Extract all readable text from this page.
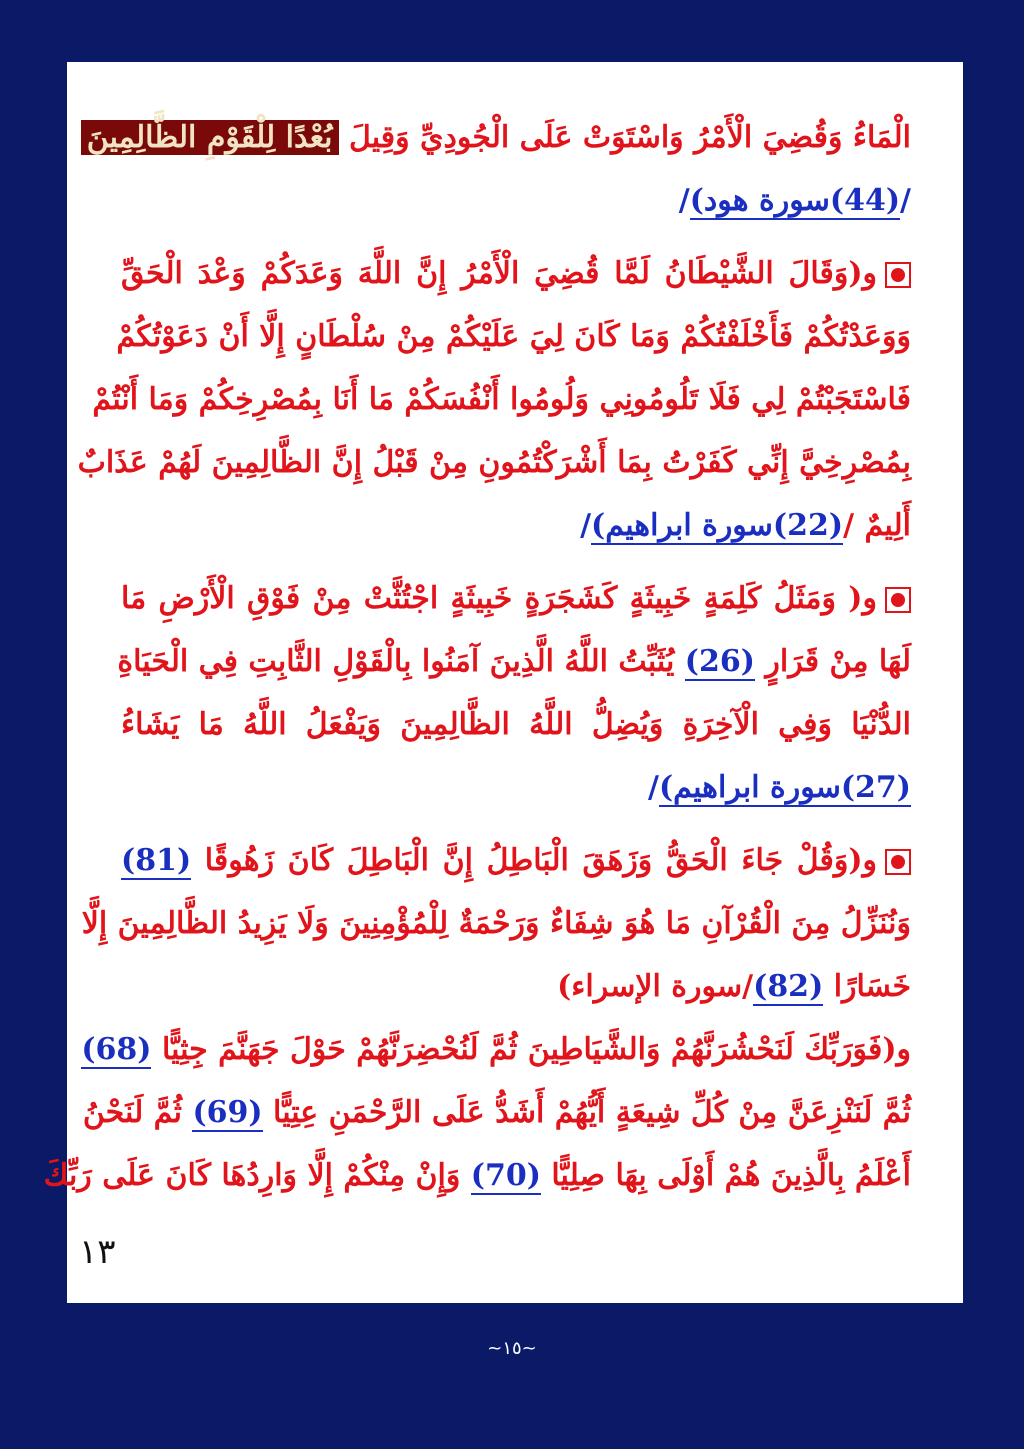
الْمَاءُ وَقُضِيَ الْأَمْرُ وَاسْتَوَتْ عَلَى الْجُودِيِّ وَقِيلَ بُعْدًا لِلْقَوْمِ الظَّالِمِينَ
/(44)سورة هود)/
و(وَقَالَ الشَّيْطَانُ لَمَّا قُضِيَ الْأَمْرُ إِنَّ اللَّهَ وَعَدَكُمْ وَعْدَ الْحَقِّ
وَوَعَدْتُكُمْ فَأَخْلَفْتُكُمْ وَمَا كَانَ لِيَ عَلَيْكُمْ مِنْ سُلْطَانٍ إِلَّا أَنْ دَعَوْتُكُمْ
فَاسْتَجَبْتُمْ لِي فَلَا تَلُومُونِي وَلُومُوا أَنْفُسَكُمْ مَا أَنَا بِمُصْرِخِكُمْ وَمَا أَنْتُمْ
بِمُصْرِخِيَّ إِنِّي كَفَرْتُ بِمَا أَشْرَكْتُمُونِ مِنْ قَبْلُ إِنَّ الظَّالِمِينَ لَهُمْ عَذَابٌ
أَلِيمٌ /(22)سورة ابراهيم)/
و( وَمَثَلُ كَلِمَةٍ خَبِيثَةٍ كَشَجَرَةٍ خَبِيثَةٍ اجْتُثَّتْ مِنْ فَوْقِ الْأَرْضِ مَا
لَهَا مِنْ قَرَارٍ (26) يُثَبِّتُ اللَّهُ الَّذِينَ آمَنُوا بِالْقَوْلِ الثَّابِتِ فِي الْحَيَاةِ
الدُّنْيَا وَفِي الْآخِرَةِ وَيُضِلُّ اللَّهُ الظَّالِمِينَ وَيَفْعَلُ اللَّهُ مَا يَشَاءُ
(27)سورة ابراهيم)/
و(وَقُلْ جَاءَ الْحَقُّ وَزَهَقَ الْبَاطِلُ إِنَّ الْبَاطِلَ كَانَ زَهُوقًا (81)
وَنُنَزِّلُ مِنَ الْقُرْآنِ مَا هُوَ شِفَاءٌ وَرَحْمَةٌ لِلْمُؤْمِنِينَ وَلَا يَزِيدُ الظَّالِمِينَ إِلَّا
خَسَارًا (82)/سورة الإسراء)
و(فَوَرَبِّكَ لَنَحْشُرَنَّهُمْ وَالشَّيَاطِينَ ثُمَّ لَنُحْضِرَنَّهُمْ حَوْلَ جَهَنَّمَ جِثِيًّا (68)
ثُمَّ لَنَنْزِعَنَّ مِنْ كُلِّ شِيعَةٍ أَيُّهُمْ أَشَدُّ عَلَى الرَّحْمَنِ عِتِيًّا (69) ثُمَّ لَنَحْنُ
أَعْلَمُ بِالَّذِينَ هُمْ أَوْلَى بِهَا صِلِيًّا (70) وَإِنْ مِنْكُمْ إِلَّا وَارِدُهَا كَانَ عَلَى رَبِّكَ
١٣
~١٥~
